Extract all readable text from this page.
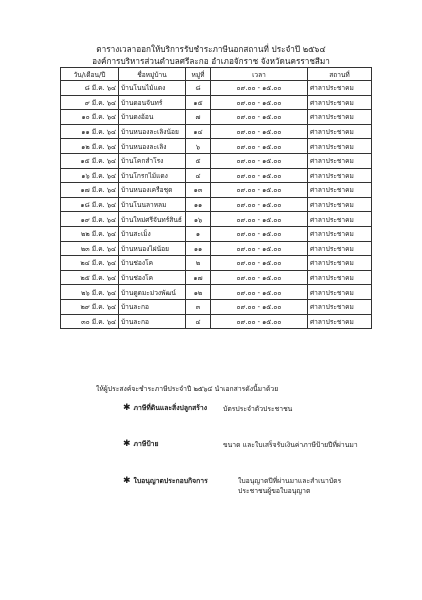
ตารางเวลาออกให้บริการรับชำระภาษีนอกสถานที่ ประจำปี ๒๕๖๔
องค์การบริหารส่วนตำบลศรีละกอ อำเภอจักราช จังหวัดนครราชสีมา
วัน/เดือน/ปี	ชื่อหมู่บ้าน	หมู่ที่	เวลา	สถานที่
๘ มี.ค. ๖๔	บ้านโนนไม้แดง	๘	๐๙.๐๐ - ๑๕.๐๐	ศาลาประชาคม
๙ มี.ค. ๖๔	บ้านดอนจันทร์	๑๕	๐๙.๐๐ - ๑๕.๐๐	ศาลาประชาคม
๑๐ มี.ค. ๖๔	บ้านดงอ้อน	๗	๐๙.๐๐ - ๑๕.๐๐	ศาลาประชาคม
๑๑ มี.ค. ๖๔	บ้านหนองละเลิงน้อย	๑๔	๐๙.๐๐ - ๑๕.๐๐	ศาลาประชาคม
๑๒ มี.ค. ๖๔	บ้านหนองละเลิง	๖	๐๙.๐๐ - ๑๕.๐๐	ศาลาประชาคม
๑๕ มี.ค. ๖๔	บ้านโคกสำโรง	๕	๐๙.๐๐ - ๑๕.๐๐	ศาลาประชาคม
๑๖ มี.ค. ๖๔	บ้านโกรกไม้แดง	๔	๐๙.๐๐ - ๑๕.๐๐	ศาลาประชาคม
๑๗ มี.ค. ๖๔	บ้านหนองเครือชุด	๑๓	๐๙.๐๐ - ๑๕.๐๐	ศาลาประชาคม
๑๘ มี.ค. ๖๔	บ้านโนนลาหลม	๑๑	๐๙.๐๐ - ๑๕.๐๐	ศาลาประชาคม
๑๙ มี.ค. ๖๔	บ้านใหม่ศรีจันทร์สินธ์	๑๖	๐๙.๐๐ - ๑๕.๐๐	ศาลาประชาคม
๒๒ มี.ค. ๖๔	บ้านสะเม็ง	๑	๐๙.๐๐ - ๑๕.๐๐	ศาลาประชาคม
๒๓ มี.ค. ๖๔	บ้านหนองไผ่น้อย	๑๑	๐๙.๐๐ - ๑๕.๐๐	ศาลาประชาคม
๒๔ มี.ค. ๖๔	บ้านช่องโค	๒	๐๙.๐๐ - ๑๕.๐๐	ศาลาประชาคม
๒๕ มี.ค. ๖๔	บ้านช่องโค	๑๗	๐๙.๐๐ - ๑๕.๐๐	ศาลาประชาคม
๒๖ มี.ค. ๖๔	บ้านดูดมะม่วงพัฒน์	๑๒	๐๙.๐๐ - ๑๕.๐๐	ศาลาประชาคม
๒๙ มี.ค. ๖๔	บ้านละกอ	๓	๐๙.๐๐ - ๑๕.๐๐	ศาลาประชาคม
๓๐ มี.ค. ๖๔	บ้านละกอ	๔	๐๙.๐๐ - ๑๕.๐๐	ศาลาประชาคม
ให้ผู้ประสงค์จะชำระภาษีประจำปี ๒๕๖๔ นำเอกสารดังนี้มาด้วย
✱ ภาษีที่ดินและสิ่งปลูกสร้าง บัตรประจำตัวประชาชน
✱ ภาษีป้าย	ขนาด และใบเสร็จรับเงินค่าภาษีป้ายปีที่ผ่านมา
✱ ใบอนุญาตประกอบกิจการ	ใบอนุญาตปีที่ผ่านมาและสำเนาบัตรประชาชนผู้ขอใบอนุญาต
